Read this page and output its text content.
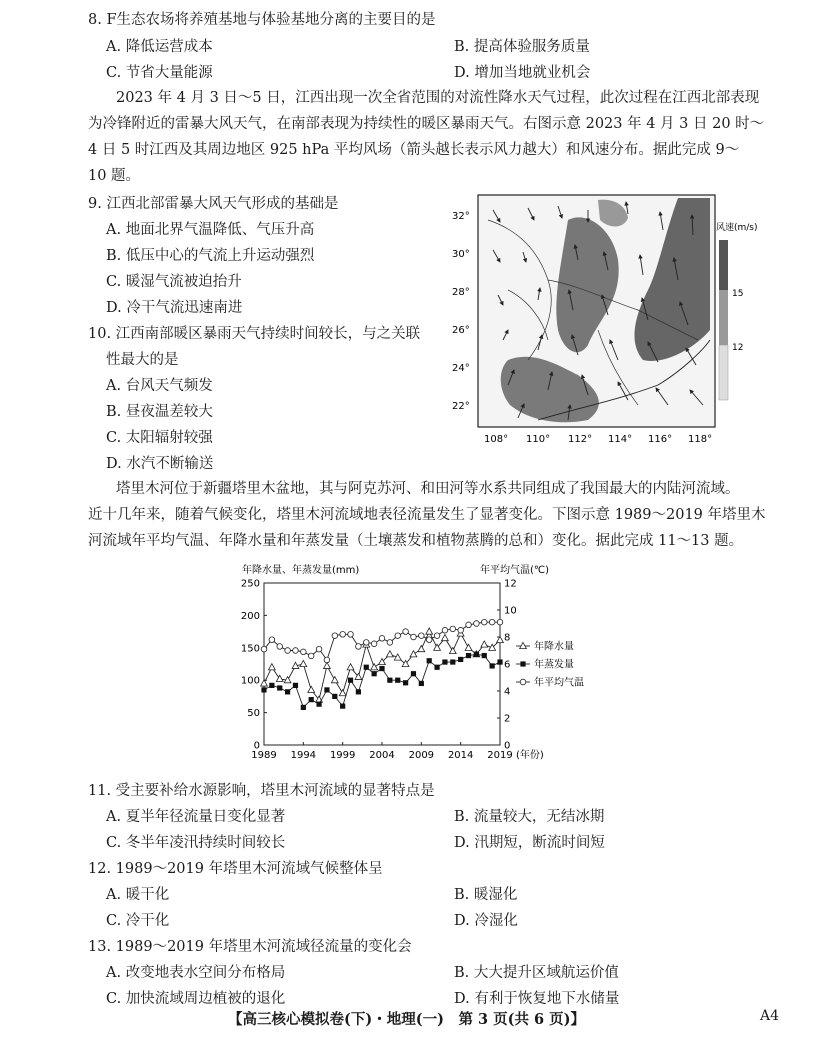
8. F生态农场将养殖基地与体验基地分离的主要目的是
A. 降低运营成本	B. 提高体验服务质量
C. 节省大量能源	D. 增加当地就业机会
2023 年 4 月 3 日～5 日，江西出现一次全省范围的对流性降水天气过程，此次过程在江西北部表现
为冷锋附近的雷暴大风天气，在南部表现为持续性的暖区暴雨天气。右图示意 2023 年 4 月 3 日 20 时～
4 日 5 时江西及其周边地区 925 hPa 平均风场（箭头越长表示风力越大）和风速分布。据此完成 9～
10 题。
9. 江西北部雷暴大风天气形成的基础是
A. 地面北界气温降低、气压升高
B. 低压中心的气流上升运动强烈
C. 暖湿气流被迫抬升
D. 冷干气流迅速南进
10. 江西南部暖区暴雨天气持续时间较长，与之关联
性最大的是
A. 台风天气频发
B. 昼夜温差较大
C. 太阳辐射较强
D. 水汽不断输送
32°
30°
28°
26°
24°
22°
108° 110° 112° 114° 116° 118°
风速(m/s)
15
12
塔里木河位于新疆塔里木盆地，其与阿克苏河、和田河等水系共同组成了我国最大的内陆河流域。
近十几年来，随着气候变化，塔里木河流域地表径流量发生了显著变化。下图示意 1989～2019 年塔里木
河流域年平均气温、年降水量和年蒸发量（土壤蒸发和植物蒸腾的总和）变化。据此完成 11～13 题。
年降水量、年蒸发量(mm)	年平均气温(℃)
250
200
150
100
50
0
12
10
8
6
4
2
0
1989 1994 1999 2004 2009 2014 2019 (年份)
年降水量
年蒸发量
年平均气温
11. 受主要补给水源影响，塔里木河流域的显著特点是
A. 夏半年径流量日变化显著	B. 流量较大，无结冰期
C. 冬半年凌汛持续时间较长	D. 汛期短，断流时间短
12. 1989～2019 年塔里木河流域气候整体呈
A. 暖干化	B. 暖湿化
C. 冷干化	D. 冷湿化
13. 1989～2019 年塔里木河流域径流量的变化会
A. 改变地表水空间分布格局	B. 大大提升区域航运价值
C. 加快流域周边植被的退化	D. 有利于恢复地下水储量
【高三核心模拟卷(下)・地理(一)　第 3 页(共 6 页)】	A4
